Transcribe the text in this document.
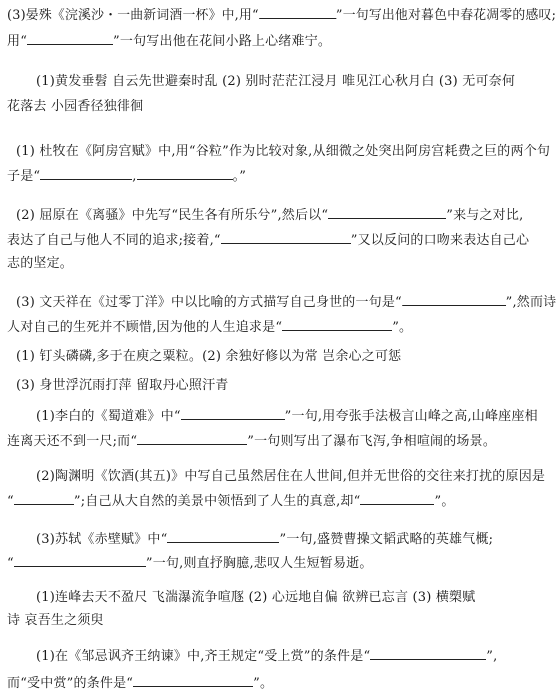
(3)晏殊《浣溪沙・一曲新词酒一杯》中,用“	”一句写出他对暮色中春花凋零的感叹;
用“	”一句写出他在花间小路上心绪难宁。
(1)黄发垂髫 自云先世避秦时乱 (2) 别时茫茫江浸月 唯见江心秋月白 (3) 无可奈何
花落去 小园香径独徘徊
(1) 杜牧在《阿房宫赋》中,用“谷粒”作为比较对象,从细微之处突出阿房宫耗费之巨的两个句
子是“	,	。”
(2) 屈原在《离骚》中先写“民生各有所乐兮”,然后以“	”来与之对比,
表达了自己与他人不同的追求;接着,“	”又以反问的口吻来表达自己心
志的坚定。
(3) 文天祥在《过零丁洋》中以比喻的方式描写自己身世的一句是“	”,然而诗
人对自己的生死并不顾惜,因为他的人生追求是“	”。
(1) 钉头磷磷,多于在庾之粟粒。(2) 余独好修以为常 岂余心之可惩
(3) 身世浮沉雨打萍 留取丹心照汗青
(1)李白的《蜀道难》中“	”一句,用夸张手法极言山峰之高,山峰座座相
连离天还不到一尺;而“	”一句则写出了瀑布飞泻,争相喧闹的场景。
(2)陶渊明《饮酒(其五)》中写自己虽然居住在人世间,但并无世俗的交往来打扰的原因是
“	”;自己从大自然的美景中领悟到了人生的真意,却“	”。
(3)苏轼《赤壁赋》中“	”一句,盛赞曹操文韬武略的英雄气概;
“	”一句,则直抒胸臆,悲叹人生短暂易逝。
(1)连峰去天不盈尺 飞湍瀑流争喧豗 (2) 心远地自偏 欲辨已忘言 (3) 横槊赋
诗 哀吾生之须臾
(1)在《邹忌讽齐王纳谏》中,齐王规定“受上赏”的条件是“	”,
而“受中赏”的条件是“	”。
